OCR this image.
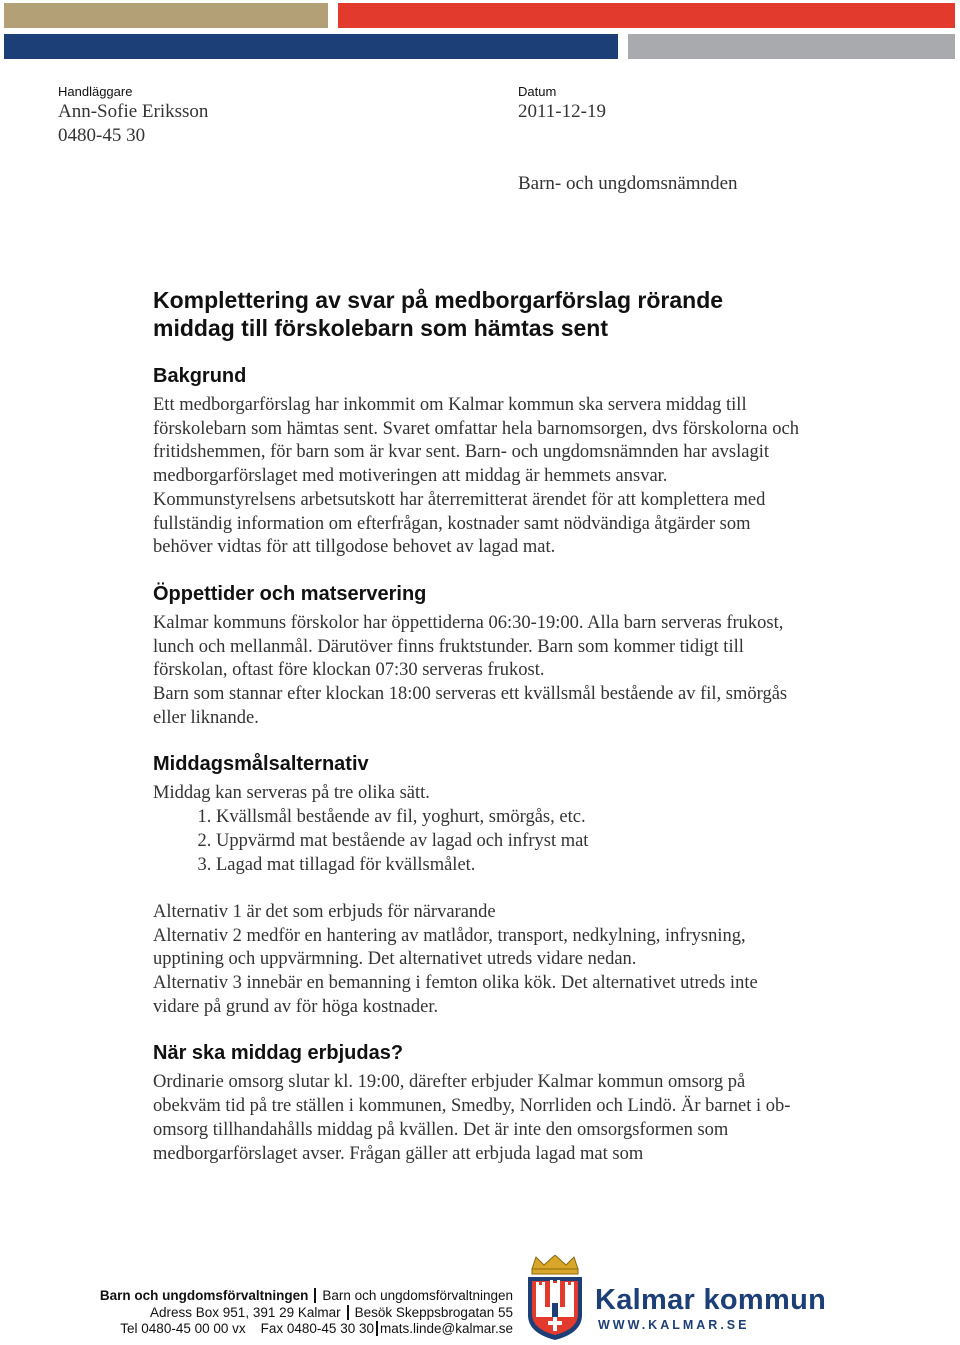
Handläggare
Ann-Sofie Eriksson
0480-45 30
Datum
2011-12-19
Barn- och ungdomsnämnden
Komplettering av svar på medborgarförslag rörande middag till förskolebarn som hämtas sent
Bakgrund

Ett medborgarförslag har inkommit om Kalmar kommun ska servera middag till förskolebarn som hämtas sent. Svaret omfattar hela barnomsorgen, dvs förskolorna och fritidshemmen, för barn som är kvar sent. Barn- och ungdomsnämnden har avslagit medborgarförslaget med motiveringen att middag är hemmets ansvar. Kommunstyrelsens arbetsutskott har återremitterat ärendet för att komplettera med fullständig information om efterfrågan, kostnader samt nödvändiga åtgärder som behöver vidtas för att tillgodose behovet av lagad mat.

Öppettider och matservering

Kalmar kommuns förskolor har öppettiderna 06:30-19:00. Alla barn serveras frukost, lunch och mellanmål. Därutöver finns fruktstunder. Barn som kommer tidigt till förskolan, oftast före klockan 07:30 serveras frukost.

Barn som stannar efter klockan 18:00 serveras ett kvällsmål bestående av fil, smörgås eller liknande.

Middagsmålsalternativ

Middag kan serveras på tre olika sätt.

1. Kvällsmål bestående av fil, yoghurt, smörgås, etc.
2. Uppvärmd mat bestående av lagad och infryst mat
3. Lagad mat tillagad för kvällsmålet.

Alternativ 1 är det som erbjuds för närvarande

Alternativ 2 medför en hantering av matlådor, transport, nedkylning, infrysning, upptining och uppvärmning. Det alternativet utreds vidare nedan.

Alternativ 3 innebär en bemanning i femton olika kök. Det alternativet utreds inte vidare på grund av för höga kostnader.

När ska middag erbjudas?

Ordinarie omsorg slutar kl. 19:00, därefter erbjuder Kalmar kommun omsorg på obekväm tid på tre ställen i kommunen, Smedby, Norrliden och Lindö. Är barnet i ob-omsorg tillhandahålls middag på kvällen. Det är inte den omsorgsformen som medborgarförslaget avser. Frågan gäller att erbjuda lagad mat som

Barn och ungdomsförvaltningen Barn och ungdomsförvaltningen
Adress Box 951, 391 29 Kalmar Besök Skeppsbrogatan 55
Tel 0480-45 00 00 vx Fax 0480-45 30 30 mats.linde@kalmar.se
Kalmar kommun
WWW.KALMAR.SE
